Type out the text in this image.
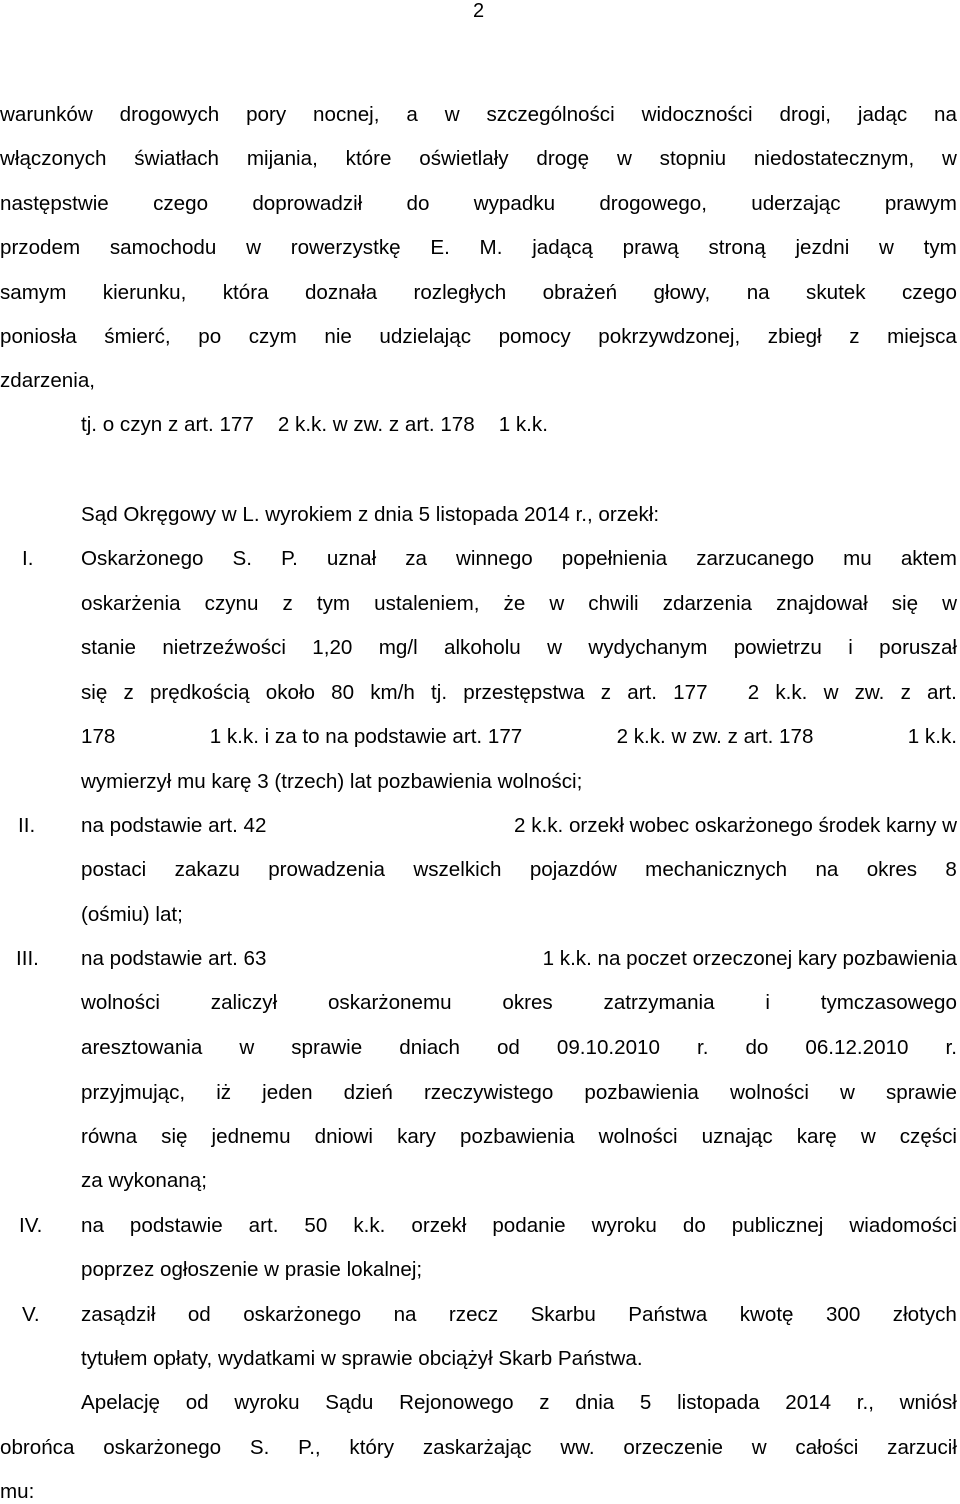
2

warunków drogowych pory nocnej, a w szczególności widoczności drogi, jadąc na

włączonych światłach mijania, które oświetlały drogę w stopniu niedostatecznym, w

następstwie czego doprowadził do wypadku drogowego, uderzając prawym

przodem samochodu w rowerzystkę E. M. jadącą prawą stroną jezdni w tym

samym kierunku, która doznała rozległych obrażeń głowy, na skutek czego

poniosła śmierć, po czym nie udzielając pomocy pokrzywdzonej, zbiegł z miejsca

zdarzenia,

tj. o czyn z art. 177 2 k.k. w zw. z art. 178 1 k.k.

Sąd Okręgowy w L. wyrokiem z dnia 5 listopada 2014 r., orzekł:

I. Oskarżonego S. P. uznał za winnego popełnienia zarzucanego mu aktem

oskarżenia czynu z tym ustaleniem, że w chwili zdarzenia znajdował się w

stanie nietrzeźwości 1,20 mg/l alkoholu w wydychanym powietrzu i poruszał

się z prędkością około 80 km/h tj. przestępstwa z art. 177	2 k.k. w zw. z art.

178	1 k.k. i za to na podstawie art. 177	2 k.k. w zw. z art. 178	1 k.k.

wymierzył mu karę 3 (trzech) lat pozbawienia wolności;

II. na podstawie art. 42	2 k.k. orzekł wobec oskarżonego środek karny w

postaci zakazu prowadzenia wszelkich pojazdów mechanicznych na okres 8

(ośmiu) lat;

III. na podstawie art. 63	1 k.k. na poczet orzeczonej kary pozbawienia

wolności zaliczył oskarżonemu okres zatrzymania i tymczasowego

aresztowania w sprawie dniach od 09.10.2010 r. do 06.12.2010 r.

przyjmując, iż jeden dzień rzeczywistego pozbawienia wolności w sprawie

równa się jednemu dniowi kary pozbawienia wolności uznając karę w części

za wykonaną;

IV. na podstawie art. 50 k.k. orzekł podanie wyroku do publicznej wiadomości

poprzez ogłoszenie w prasie lokalnej;

V. zasądził od oskarżonego na rzecz Skarbu Państwa kwotę 300 złotych

tytułem opłaty, wydatkami w sprawie obciążył Skarb Państwa.

Apelację od wyroku Sądu Rejonowego z dnia 5 listopada 2014 r., wniósł

obrońca oskarżonego S. P., który zaskarżając ww. orzeczenie w całości zarzucił

mu:
